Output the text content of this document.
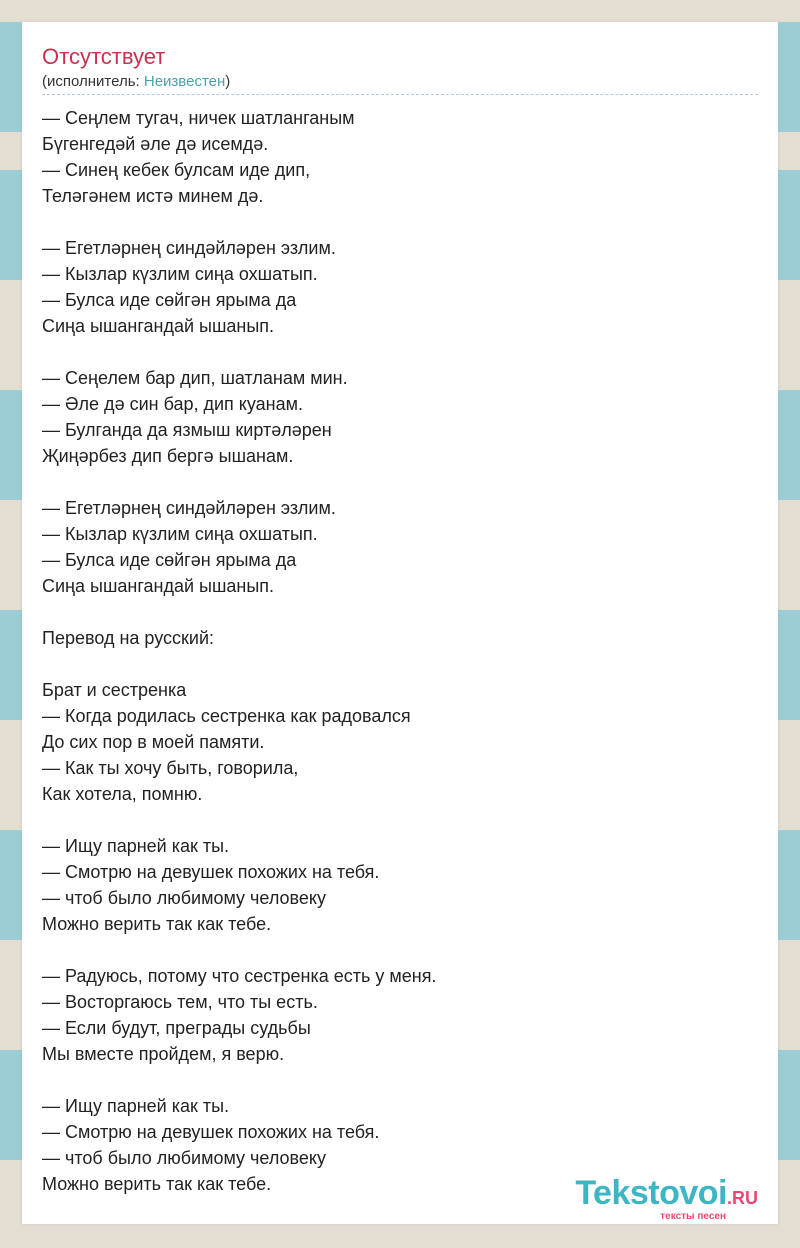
Отсутствует
(исполнитель: Неизвестен)
— Сеңлем тугач, ничек шатланганым
Бүгенгедәй әле дә исемдә.
— Синең кебек булсам иде дип,
Теләгәнем истә минем дә.
— Егетләрнең синдәйләрен эзлим.
— Кызлар күзлим сиңа охшатып.
— Булса иде сөйгән ярыма да
Сиңа ышангандай ышанып.
— Сеңелем бар дип, шатланам мин.
— Әле дә син бар, дип куанам.
— Булганда да язмыш киртәләрен
Җиңәрбез дип бергә ышанам.
— Егетләрнең синдәйләрен эзлим.
— Кызлар күзлим сиңа охшатып.
— Булса иде сөйгән ярыма да
Сиңа ышангандай ышанып.
Перевод на русский:
Брат и сестренка
— Когда родилась сестренка как радовался
До сих пор в моей памяти.
— Как ты хочу быть, говорила,
Как хотела, помню.
— Ищу парней как ты.
— Смотрю на девушек похожих на тебя.
— чтоб было любимому человеку
Можно верить так как тебе.
— Радуюсь, потому что сестренка есть у меня.
— Восторгаюсь тем, что ты есть.
— Если будут, преграды судьбы
Мы вместе пройдем, я верю.
— Ищу парней как ты.
— Смотрю на девушек похожих на тебя.
— чтоб было любимому человеку
Можно верить так как тебе.	Tekstovoi.RU
тексты песен
